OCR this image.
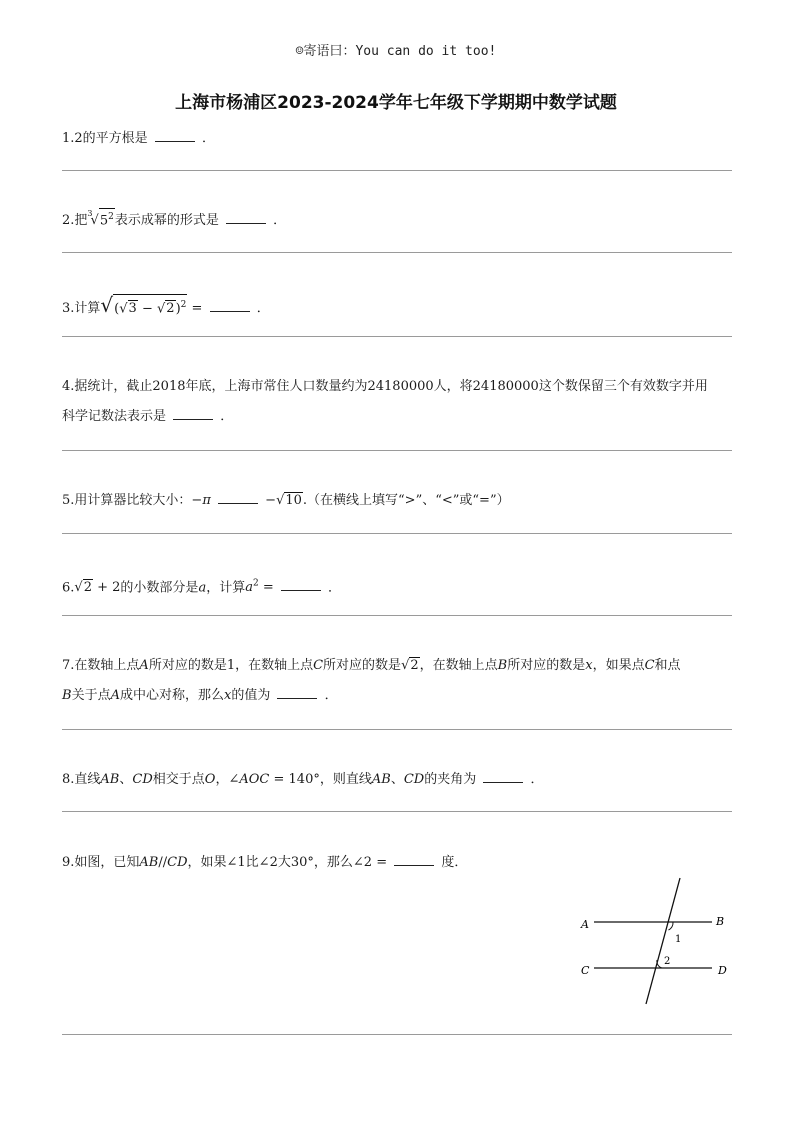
☺寄语曰：You can do it too!
上海市杨浦区2023-2024学年七年级下学期期中数学试题
1.2的平方根是	．
2.把$^3√5^2$表示成幂的形式是	．
3.计算$√(√3 - √2)^2$ =	．
4.据统计，截止2018年底，上海市常住人口数量约为24180000人，将24180000这个数保留三个有效数字并用
科学记数法表示是	．
5.用计算器比较大小：−π	−√10.（在横线上填写“>”、“<”或“=”）
6.√2 + 2的小数部分是a，计算$a^2$ =	．
7.在数轴上点A所对应的数是1，在数轴上点C所对应的数是√2，在数轴上点B所对应的数是x，如果点C和点
B关于点A成中心对称，那么x的值为	．
8.直线AB、CD相交于点O，∠AOC = 140°，则直线AB、CD的夹角为	．
9.如图，已知AB//CD，如果∠1比∠2大30°，那么∠2 =	度．
A	B
C	D
1
2
